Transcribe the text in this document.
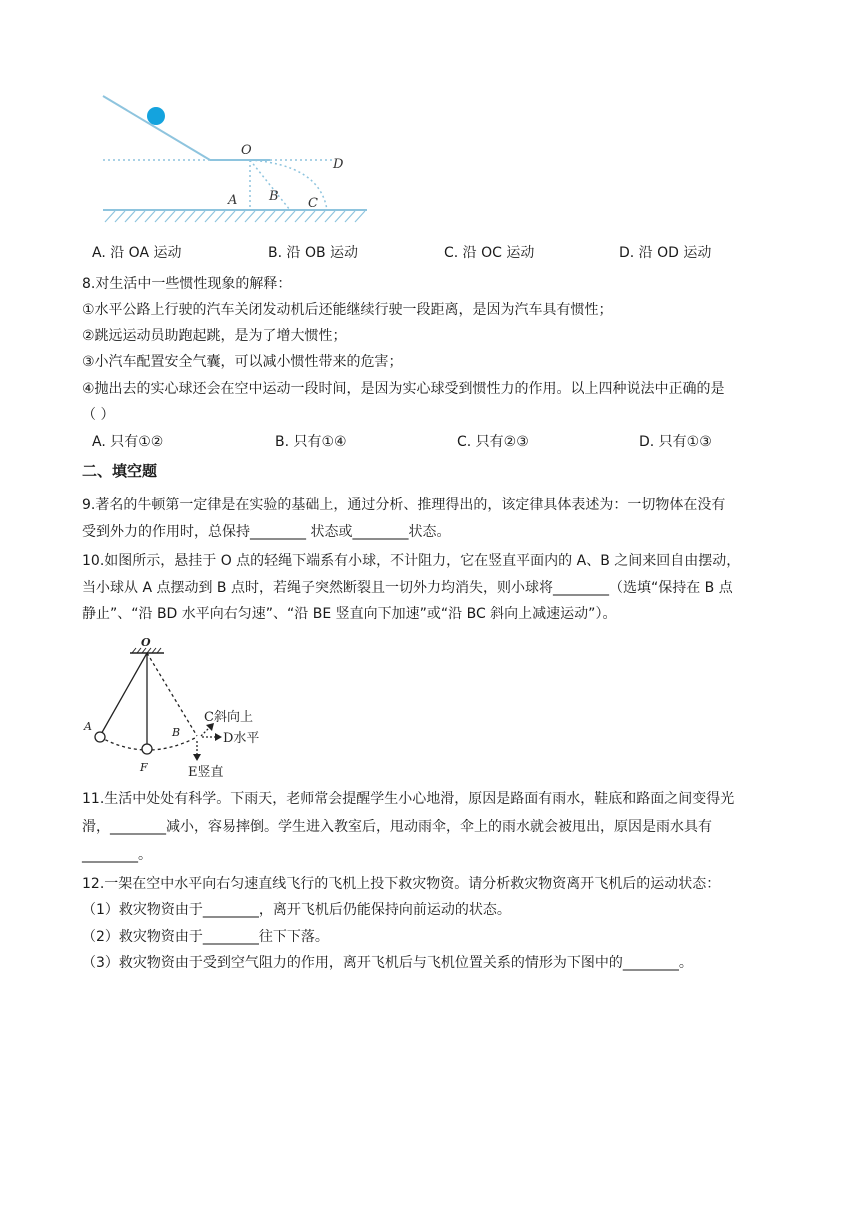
O
D
A B C
A. 沿 OA 运动	B. 沿 OB 运动	C. 沿 OC 运动	D. 沿 OD 运动
8.对生活中一些惯性现象的解释：
①水平公路上行驶的汽车关闭发动机后还能继续行驶一段距离，是因为汽车具有惯性；
②跳远运动员助跑起跳，是为了增大惯性；
③小汽车配置安全气囊，可以减小惯性带来的危害；
④抛出去的实心球还会在空中运动一段时间，是因为实心球受到惯性力的作用。以上四种说法中正确的是
（ ）
A. 只有①②	B. 只有①④	C. 只有②③	D. 只有①③
二、填空题
9.著名的牛顿第一定律是在实验的基础上，通过分析、推理得出的，该定律具体表述为：一切物体在没有
受到外力的作用时，总保持________ 状态或________状态。
10.如图所示，悬挂于 O 点的轻绳下端系有小球，不计阻力，它在竖直平面内的 A、B 之间来回自由摆动，
当小球从 A 点摆动到 B 点时，若绳子突然断裂且一切外力均消失，则小球将________（选填“保持在 B 点
静止”、“沿 BD 水平向右匀速”、“沿 BE 竖直向下加速”或“沿 BC 斜向上减速运动”）。
O
A
F
B
C斜向上
D水平
E竖直
11.生活中处处有科学。下雨天，老师常会提醒学生小心地滑，原因是路面有雨水，鞋底和路面之间变得光
滑，________减小，容易摔倒。学生进入教室后，甩动雨伞，伞上的雨水就会被甩出，原因是雨水具有
________。
12.一架在空中水平向右匀速直线飞行的飞机上投下救灾物资。请分析救灾物资离开飞机后的运动状态：
（1）救灾物资由于________，离开飞机后仍能保持向前运动的状态。
（2）救灾物资由于________往下下落。
（3）救灾物资由于受到空气阻力的作用，离开飞机后与飞机位置关系的情形为下图中的________。
